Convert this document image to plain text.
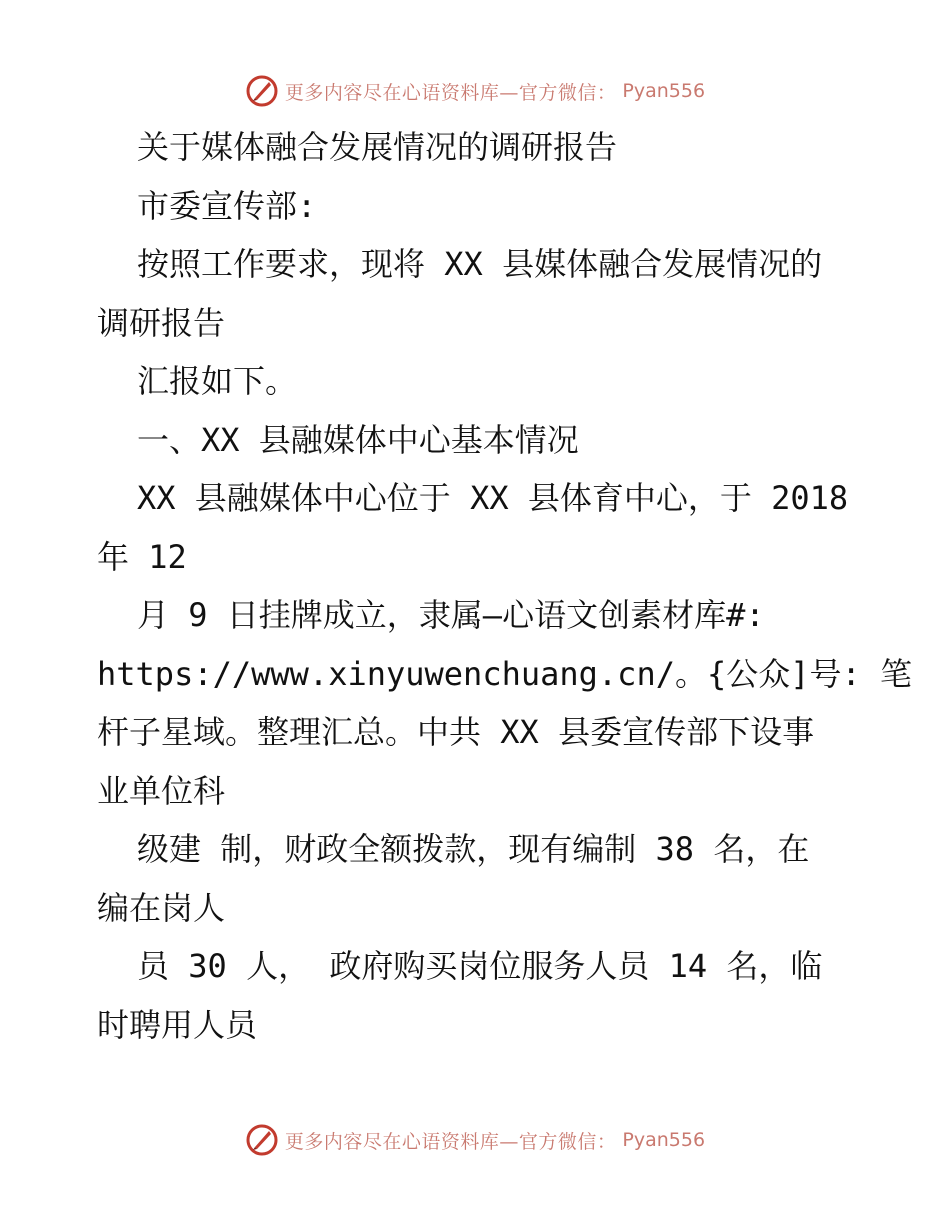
更多内容尽在心语资料库—官方微信： Pyan556
关于媒体融合发展情况的调研报告
市委宣传部:
按照工作要求，现将 XX 县媒体融合发展情况的
调研报告
汇报如下。
一、XX 县融媒体中心基本情况
XX 县融媒体中心位于 XX 县体育中心，于 2018
年 12
月 9 日挂牌成立，隶属—心语文创素材库#:
https://www.xinyuwenchuang.cn/。{公众]号: 笔
杆子星域。整理汇总。中共 XX 县委宣传部下设事
业单位科
级建 制，财政全额拨款，现有编制 38 名，在
编在岗人
员 30 人， 政府购买岗位服务人员 14 名，临
时聘用人员
更多内容尽在心语资料库—官方微信： Pyan556
